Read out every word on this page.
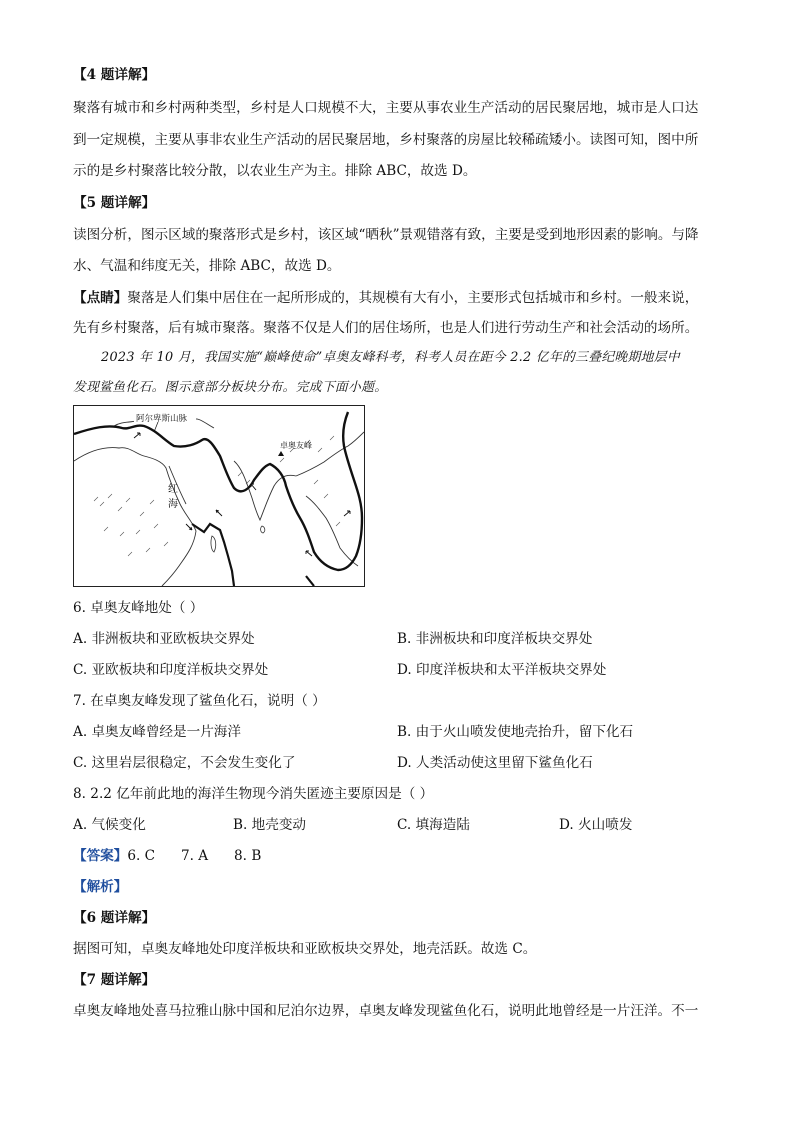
【4 题详解】
聚落有城市和乡村两种类型，乡村是人口规模不大，主要从事农业生产活动的居民聚居地，城市是人口达
到一定规模，主要从事非农业生产活动的居民聚居地，乡村聚落的房屋比较稀疏矮小。读图可知，图中所
示的是乡村聚落比较分散，以农业生产为主。排除 ABC，故选 D。
【5 题详解】
读图分析，图示区域的聚落形式是乡村，该区域“晒秋”景观错落有致，主要是受到地形因素的影响。与降
水、气温和纬度无关，排除 ABC，故选 D。
【点睛】聚落是人们集中居住在一起所形成的，其规模有大有小，主要形式包括城市和乡村。一般来说，
先有乡村聚落，后有城市聚落。聚落不仅是人们的居住场所，也是人们进行劳动生产和社会活动的场所。
2023 年 10 月，我国实施“巅峰使命”卓奥友峰科考，科考人员在距今 2.2 亿年的三叠纪晚期地层中
发现鲨鱼化石。图示意部分板块分布。完成下面小题。
阿尔卑斯山脉
卓奥友峰
红
海
6. 卓奥友峰地处（ ）
A. 非洲板块和亚欧板块交界处	B. 非洲板块和印度洋板块交界处
C. 亚欧板块和印度洋板块交界处	D. 印度洋板块和太平洋板块交界处
7. 在卓奥友峰发现了鲨鱼化石，说明（ ）
A. 卓奥友峰曾经是一片海洋	B. 由于火山喷发使地壳抬升，留下化石
C. 这里岩层很稳定，不会发生变化了	D. 人类活动使这里留下鲨鱼化石
8. 2.2 亿年前此地的海洋生物现今消失匿迹主要原因是（ ）
A. 气候变化	B. 地壳变动	C. 填海造陆	D. 火山喷发
【答案】6. C      7. A      8. B
【解析】
【6 题详解】
据图可知，卓奥友峰地处印度洋板块和亚欧板块交界处，地壳活跃。故选 C。
【7 题详解】
卓奥友峰地处喜马拉雅山脉中国和尼泊尔边界，卓奥友峰发现鲨鱼化石，说明此地曾经是一片汪洋。不一
